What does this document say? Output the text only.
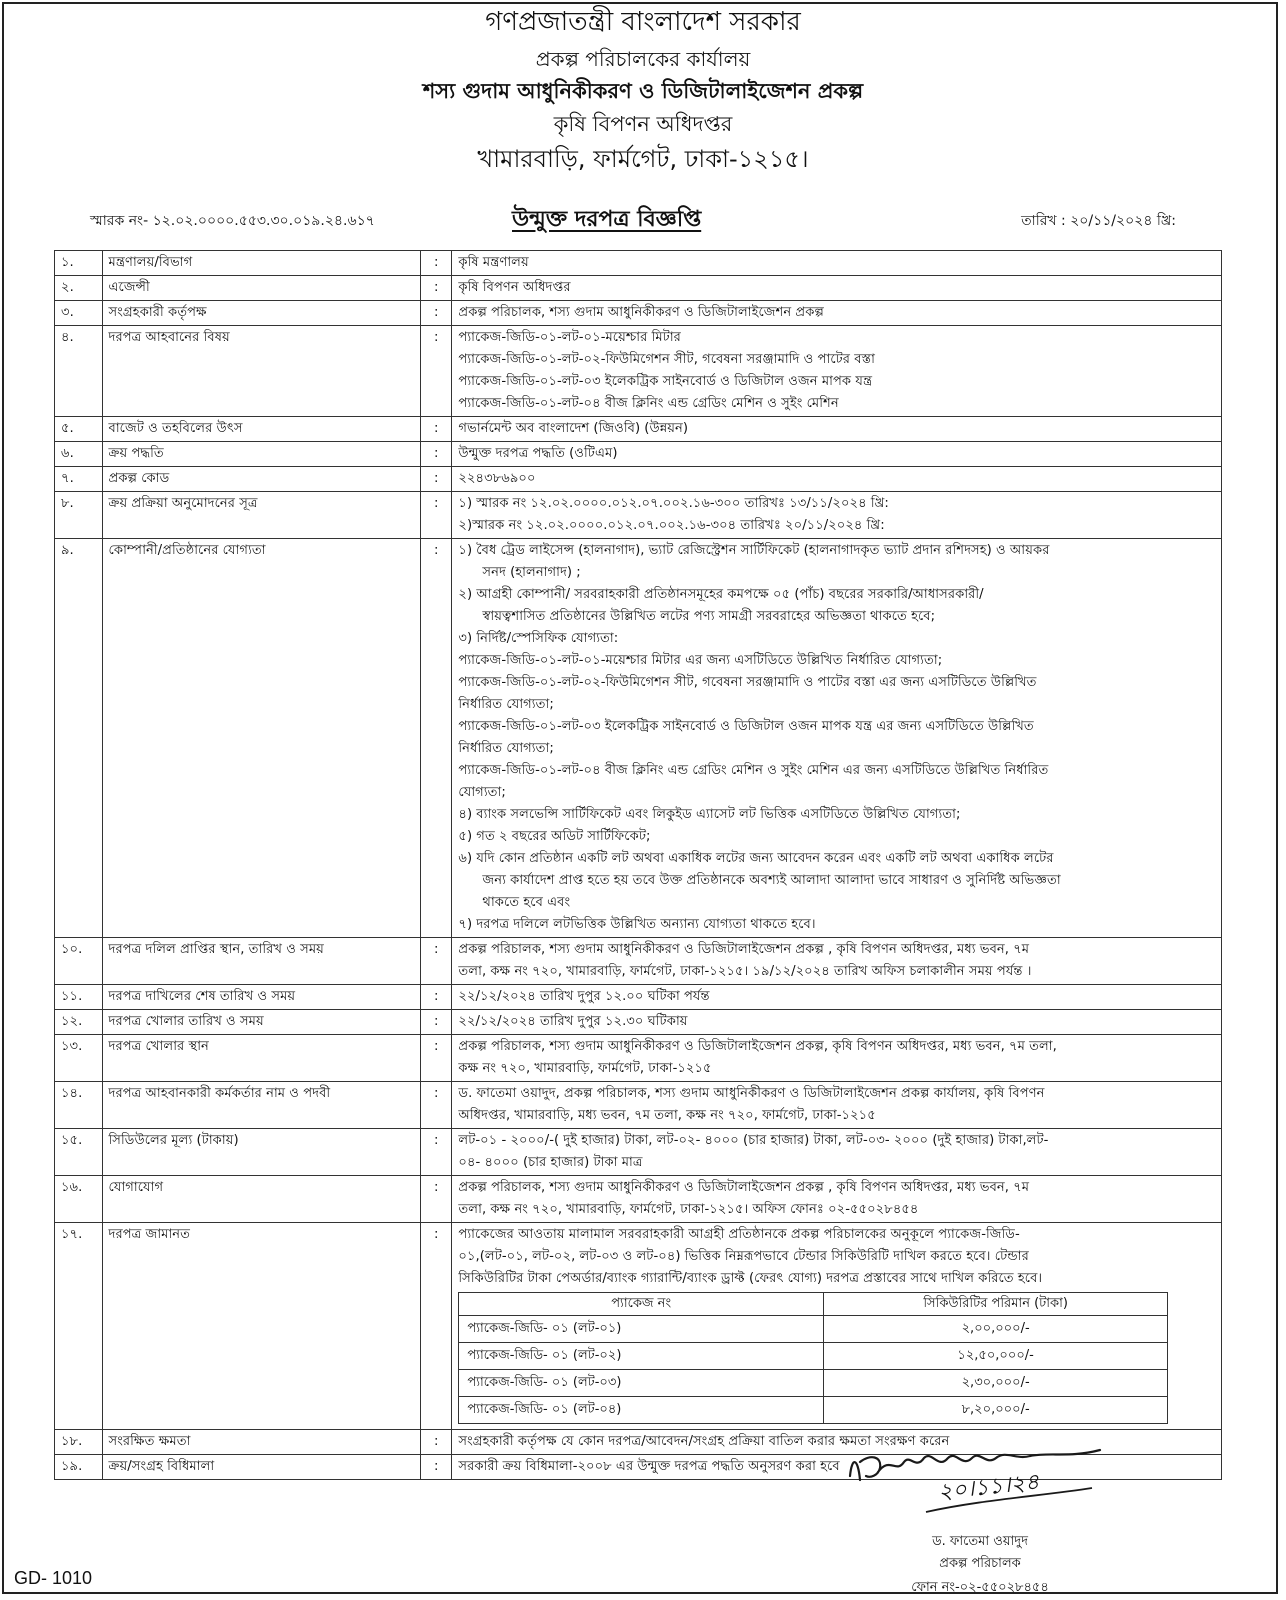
গণপ্রজাতন্ত্রী বাংলাদেশ সরকার
প্রকল্প পরিচালকের কার্যালয়
শস্য গুদাম আধুনিকীকরণ ও ডিজিটালাইজেশন প্রকল্প
কৃষি বিপণন অধিদপ্তর
খামারবাড়ি, ফার্মগেট, ঢাকা-১২১৫।
স্মারক নং- ১২.০২.০০০০.৫৫৩.৩০.০১৯.২৪.৬১৭	উন্মুক্ত দরপত্র বিজ্ঞপ্তি	তারিখ : ২০/১১/২০২৪ খ্রি:
১.	মন্ত্রণালয়/বিভাগ	:	কৃষি মন্ত্রণালয়
২.	এজেন্সী	:	কৃষি বিপণন অধিদপ্তর
৩.	সংগ্রহকারী কর্তৃপক্ষ	:	প্রকল্প পরিচালক, শস্য গুদাম আধুনিকীকরণ ও ডিজিটালাইজেশন প্রকল্প
৪.	দরপত্র আহবানের বিষয়	:	প্যাকেজ-জিডি-০১-লট-০১-ময়েশ্চার মিটার
প্যাকেজ-জিডি-০১-লট-০২-ফিউমিগেশন সীট, গবেষনা সরঞ্জামাদি ও পাটের বস্তা
প্যাকেজ-জিডি-০১-লট-০৩ ইলেকট্রিক সাইনবোর্ড ও ডিজিটাল ওজন মাপক যন্ত্র
প্যাকেজ-জিডি-০১-লট-০৪ বীজ ক্লিনিং এন্ড গ্রেডিং মেশিন ও সুইং মেশিন

৫.	বাজেট ও তহবিলের উৎস	:	গভার্নমেন্ট অব বাংলাদেশ (জিওবি) (উন্নয়ন)
৬.	ক্রয় পদ্ধতি	:	উন্মুক্ত দরপত্র পদ্ধতি (ওটিএম)
৭.	প্রকল্প কোড	:	২২৪৩৮৬৯০০
৮.	ক্রয় প্রক্রিয়া অনুমোদনের সূত্র	:	১) স্মারক নং ১২.০২.০০০০.০১২.০৭.০০২.১৬-৩০০ তারিখঃ ১৩/১১/২০২৪ খ্রি:
২)স্মারক নং ১২.০২.০০০০.০১২.০৭.০০২.১৬-৩০৪ তারিখঃ ২০/১১/২০২৪ খ্রি:

৯.	কোম্পানী/প্রতিষ্ঠানের যোগ্যতা	:	১) বৈধ ট্রেড লাইসেন্স (হালনাগাদ), ভ্যাট রেজিস্ট্রেশন সার্টিফিকেট (হালনাগাদকৃত ভ্যাট প্রদান রশিদসহ) ও আয়কর
সনদ (হালনাগাদ) ;
২) আগ্রহী কোম্পানী/ সরবরাহকারী প্রতিষ্ঠানসমূহের কমপক্ষে ০৫ (পাঁচ) বছরের সরকারি/আধাসরকারী/
স্বায়ত্বশাসিত প্রতিষ্ঠানের উল্লিখিত লটের পণ্য সামগ্রী সরবরাহের অভিজ্ঞতা থাকতে হবে;
৩) নির্দিষ্ট/স্পেসিফিক যোগ্যতা:
প্যাকেজ-জিডি-০১-লট-০১-ময়েশ্চার মিটার এর জন্য এসটিডিতে উল্লিখিত নির্ধারিত যোগ্যতা;
প্যাকেজ-জিডি-০১-লট-০২-ফিউমিগেশন সীট, গবেষনা সরঞ্জামাদি ও পাটের বস্তা এর জন্য এসটিডিতে উল্লিখিত
নির্ধারিত যোগ্যতা;
প্যাকেজ-জিডি-০১-লট-০৩ ইলেকট্রিক সাইনবোর্ড ও ডিজিটাল ওজন মাপক যন্ত্র এর জন্য এসটিডিতে উল্লিখিত
নির্ধারিত যোগ্যতা;
প্যাকেজ-জিডি-০১-লট-০৪ বীজ ক্লিনিং এন্ড গ্রেডিং মেশিন ও সুইং মেশিন এর জন্য এসটিডিতে উল্লিখিত নির্ধারিত
যোগ্যতা;
৪) ব্যাংক সলভেন্সি সার্টিফিকেট এবং লিকুইড এ্যাসেট লট ভিত্তিক এসটিডিতে উল্লিখিত যোগ্যতা;
৫) গত ২ বছরের অডিট সার্টিফিকেট;
৬) যদি কোন প্রতিষ্ঠান একটি লট অথবা একাধিক লটের জন্য আবেদন করেন এবং একটি লট অথবা একাধিক লটের
জন্য কার্যাদেশ প্রাপ্ত হতে হয় তবে উক্ত প্রতিষ্ঠানকে অবশ্যই আলাদা আলাদা ভাবে সাধারণ ও সুনির্দিষ্ট অভিজ্ঞতা
থাকতে হবে এবং
৭) দরপত্র দলিলে লটভিত্তিক উল্লিখিত অন্যান্য যোগ্যতা থাকতে হবে।

১০.	দরপত্র দলিল প্রাপ্তির স্থান, তারিখ ও সময়	:	প্রকল্প পরিচালক, শস্য গুদাম আধুনিকীকরণ ও ডিজিটালাইজেশন প্রকল্প , কৃষি বিপণন অধিদপ্তর, মধ্য ভবন, ৭ম
তলা, কক্ষ নং ৭২০, খামারবাড়ি, ফার্মগেট, ঢাকা-১২১৫। ১৯/১২/২০২৪ তারিখ অফিস চলাকালীন সময় পর্যন্ত ।

১১.	দরপত্র দাখিলের শেষ তারিখ ও সময়	:	২২/১২/২০২৪ তারিখ দুপুর ১২.০০ ঘটিকা পর্যন্ত
১২.	দরপত্র খোলার তারিখ ও সময়	:	২২/১২/২০২৪ তারিখ দুপুর ১২.৩০ ঘটিকায়
১৩.	দরপত্র খোলার স্থান	:	প্রকল্প পরিচালক, শস্য গুদাম আধুনিকীকরণ ও ডিজিটালাইজেশন প্রকল্প, কৃষি বিপণন অধিদপ্তর, মধ্য ভবন, ৭ম তলা,
কক্ষ নং ৭২০, খামারবাড়ি, ফার্মগেট, ঢাকা-১২১৫

১৪.	দরপত্র আহবানকারী কর্মকর্তার নাম ও পদবী	:	ড. ফাতেমা ওয়াদুদ, প্রকল্প পরিচালক, শস্য গুদাম আধুনিকীকরণ ও ডিজিটালাইজেশন প্রকল্প কার্যালয়, কৃষি বিপণন
অধিদপ্তর, খামারবাড়ি, মধ্য ভবন, ৭ম তলা, কক্ষ নং ৭২০, ফার্মগেট, ঢাকা-১২১৫

১৫.	সিডিউলের মূল্য (টাকায়)	:	লট-০১ - ২০০০/-( দুই হাজার) টাকা, লট-০২- ৪০০০ (চার হাজার) টাকা, লট-০৩- ২০০০ (দুই হাজার) টাকা,লট-
০৪- ৪০০০ (চার হাজার) টাকা মাত্র

১৬.	যোগাযোগ	:	প্রকল্প পরিচালক, শস্য গুদাম আধুনিকীকরণ ও ডিজিটালাইজেশন প্রকল্প , কৃষি বিপণন অধিদপ্তর, মধ্য ভবন, ৭ম
তলা, কক্ষ নং ৭২০, খামারবাড়ি, ফার্মগেট, ঢাকা-১২১৫। অফিস ফোনঃ ০২-৫৫০২৮৪৫৪

১৭.	দরপত্র জামানত	:	প্যাকেজের আওতায় মালামাল সরবরাহকারী আগ্রহী প্রতিষ্ঠানকে প্রকল্প পরিচালকের অনুকূলে প্যাকেজ-জিডি-
০১,(লট-০১, লট-০২, লট-০৩ ও লট-০৪) ভিত্তিক নিম্নরূপভাবে টেন্ডার সিকিউরিটি দাখিল করতে হবে। টেন্ডার
সিকিউরিটির টাকা পেঅর্ডার/ব্যাংক গ্যারান্টি/ব্যাংক ড্রাফ্ট (ফেরৎ যোগ্য) দরপত্র প্রস্তাবের সাথে দাখিল করিতে হবে।
প্যাকেজ নং	সিকিউরিটির পরিমান (টাকা)
প্যাকেজ-জিডি- ০১ (লট-০১)	২,০০,০০০/-
প্যাকেজ-জিডি- ০১ (লট-০২)	১২,৫০,০০০/-
প্যাকেজ-জিডি- ০১ (লট-০৩)	২,৩০,০০০/-
প্যাকেজ-জিডি- ০১ (লট-০৪)	৮,২০,০০০/-

১৮.	সংরক্ষিত ক্ষমতা	:	সংগ্রহকারী কর্তৃপক্ষ যে কোন দরপত্র/আবেদন/সংগ্রহ প্রক্রিয়া বাতিল করার ক্ষমতা সংরক্ষণ করেন
১৯.	ক্রয়/সংগ্রহ বিধিমালা	:	সরকারী ক্রয় বিধিমালা-২০০৮ এর উন্মুক্ত দরপত্র পদ্ধতি অনুসরণ করা হবে
২০।১১।২৪
ড. ফাতেমা ওয়াদুদ
প্রকল্প পরিচালক
ফোন নং-০২-৫৫০২৮৪৫৪
GD- 1010
